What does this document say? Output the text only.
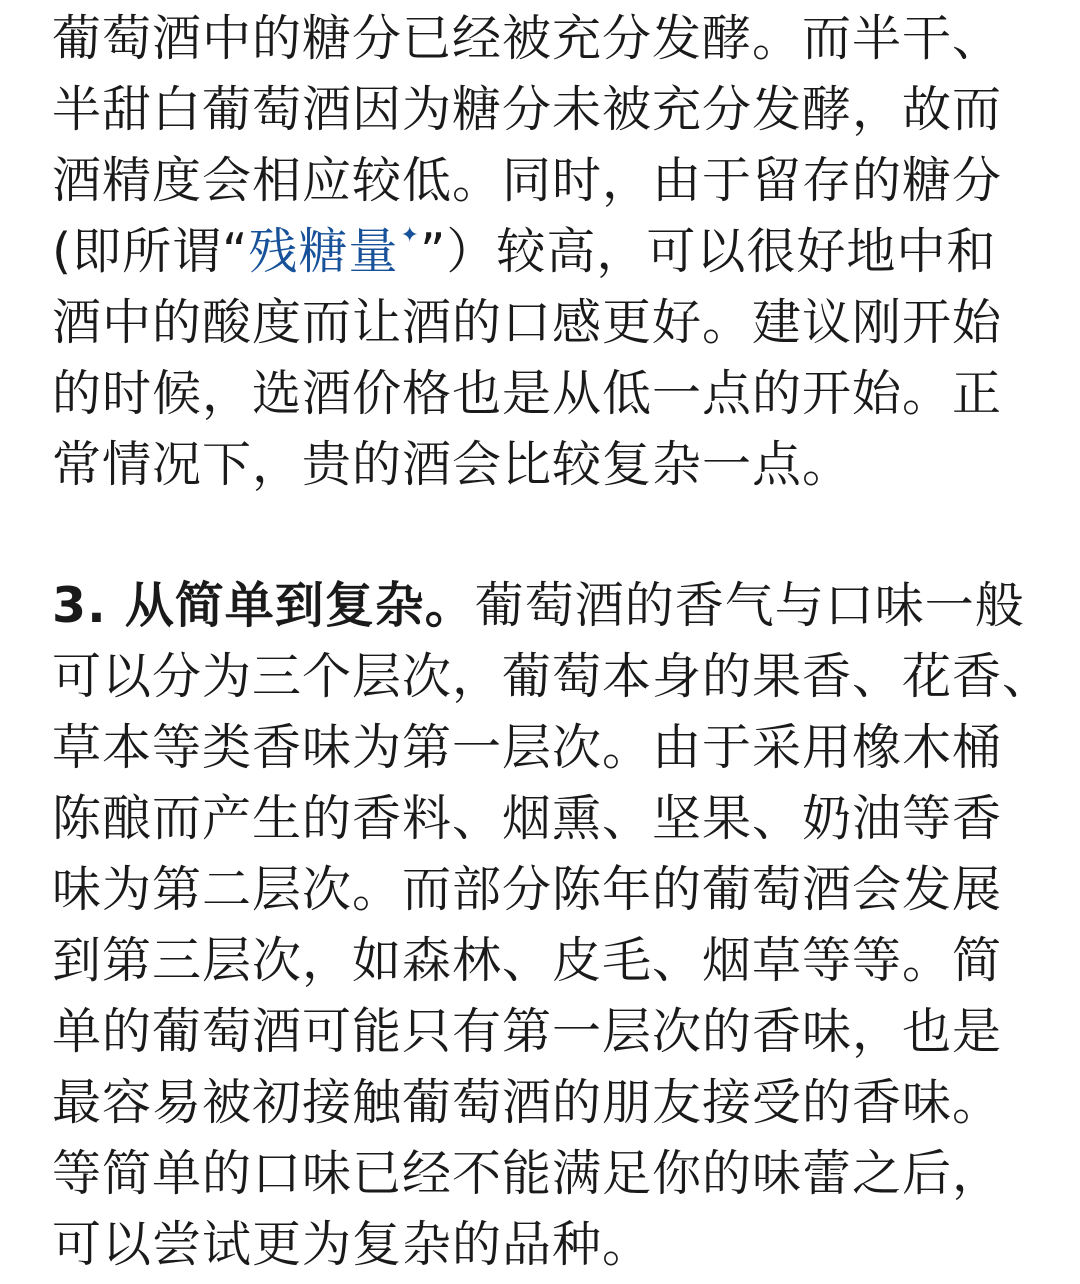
葡萄酒中的糖分已经被充分发酵。而半干、
半甜白葡萄酒因为糖分未被充分发酵，故而
酒精度会相应较低。同时，由于留存的糖分
(即所谓“残糖量✦”）较高，可以很好地中和
酒中的酸度而让酒的口感更好。建议刚开始
的时候，选酒价格也是从低一点的开始。正
常情况下，贵的酒会比较复杂一点。
3. 从简单到复杂。葡萄酒的香气与口味一般
可以分为三个层次，葡萄本身的果香、花香、
草本等类香味为第一层次。由于采用橡木桶
陈酿而产生的香料、烟熏、坚果、奶油等香
味为第二层次。而部分陈年的葡萄酒会发展
到第三层次，如森林、皮毛、烟草等等。简
单的葡萄酒可能只有第一层次的香味，也是
最容易被初接触葡萄酒的朋友接受的香味。
等简单的口味已经不能满足你的味蕾之后，
可以尝试更为复杂的品种。
